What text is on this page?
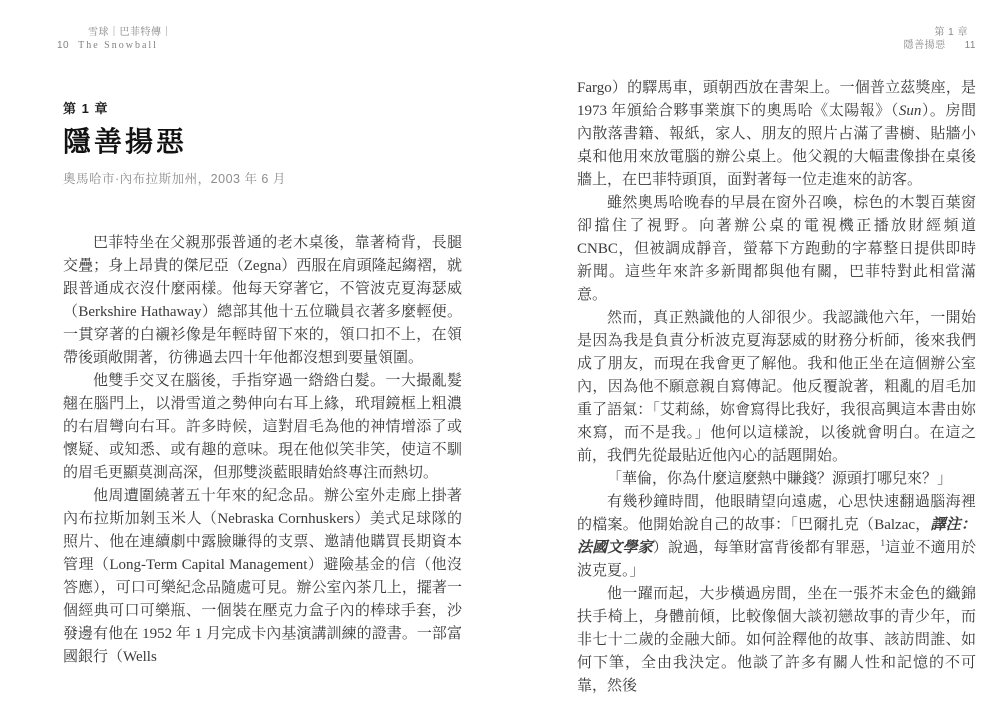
雪球｜巴菲特傳｜
10 The Snowball
第 1 章
隱善揚惡
奧馬哈市·內布拉斯加州，2003 年 6 月

巴菲特坐在父親那張普通的老木桌後，靠著椅背，長腿交疊；身上昂貴的傑尼亞（Zegna）西服在肩頭隆起縐褶，就跟普通成衣沒什麼兩樣。他每天穿著它，不管波克夏海瑟威（Berkshire Hathaway）總部其他十五位職員衣著多麼輕便。一貫穿著的白襯衫像是年輕時留下來的，領口扣不上，在領帶後頭敞開著，彷彿過去四十年他都沒想到要量領圍。

他雙手交叉在腦後，手指穿過一綹綹白髮。一大撮亂髮翹在腦門上，以滑雪道之勢伸向右耳上緣，玳瑁鏡框上粗濃的右眉彎向右耳。許多時候，這對眉毛為他的神情增添了或懷疑、或知悉、或有趣的意味。現在他似笑非笑，使這不馴的眉毛更顯莫測高深，但那雙淡藍眼睛始終專注而熱切。

他周遭圍繞著五十年來的紀念品。辦公室外走廊上掛著內布拉斯加剝玉米人（Nebraska Cornhuskers）美式足球隊的照片、他在連續劇中露臉賺得的支票、邀請他購買長期資本管理（Long-Term Capital Management）避險基金的信（他沒答應），可口可樂紀念品隨處可見。辦公室內茶几上，擺著一個經典可口可樂瓶、一個裝在壓克力盒子內的棒球手套，沙發邊有他在 1952 年 1 月完成卡內基演講訓練的證書。一部富國銀行（Wells

第 1 章
隱善揚惡 11

Fargo）的驛馬車，頭朝西放在書架上。一個普立茲獎座，是 1973 年頒給合夥事業旗下的奧馬哈《太陽報》（Sun）。房間內散落書籍、報紙，家人、朋友的照片占滿了書櫥、貼牆小桌和他用來放電腦的辦公桌上。他父親的大幅畫像掛在桌後牆上，在巴菲特頭頂，面對著每一位走進來的訪客。

雖然奧馬哈晚春的早晨在窗外召喚，棕色的木製百葉窗卻擋住了視野。向著辦公桌的電視機正播放財經頻道 CNBC，但被調成靜音，螢幕下方跑動的字幕整日提供即時新聞。這些年來許多新聞都與他有關，巴菲特對此相當滿意。

然而，真正熟識他的人卻很少。我認識他六年，一開始是因為我是負責分析波克夏海瑟威的財務分析師，後來我們成了朋友，而現在我會更了解他。我和他正坐在這個辦公室內，因為他不願意親自寫傳記。他反覆說著，粗亂的眉毛加重了語氣：「艾莉絲，妳會寫得比我好，我很高興這本書由妳來寫，而不是我。」他何以這樣說，以後就會明白。在這之前，我們先從最貼近他內心的話題開始。

「華倫，你為什麼這麼熱中賺錢？源頭打哪兒來？」

有幾秒鐘時間，他眼睛望向遠處，心思快速翻過腦海裡的檔案。他開始說自己的故事：「巴爾扎克（Balzac，譯注：法國文學家）說過，每筆財富背後都有罪惡，$^1$這並不適用於波克夏。」

他一躍而起，大步橫過房間，坐在一張芥末金色的織錦扶手椅上，身體前傾，比較像個大談初戀故事的青少年，而非七十二歲的金融大師。如何詮釋他的故事、該訪問誰、如何下筆，全由我決定。他談了許多有關人性和記憶的不可靠，然後
